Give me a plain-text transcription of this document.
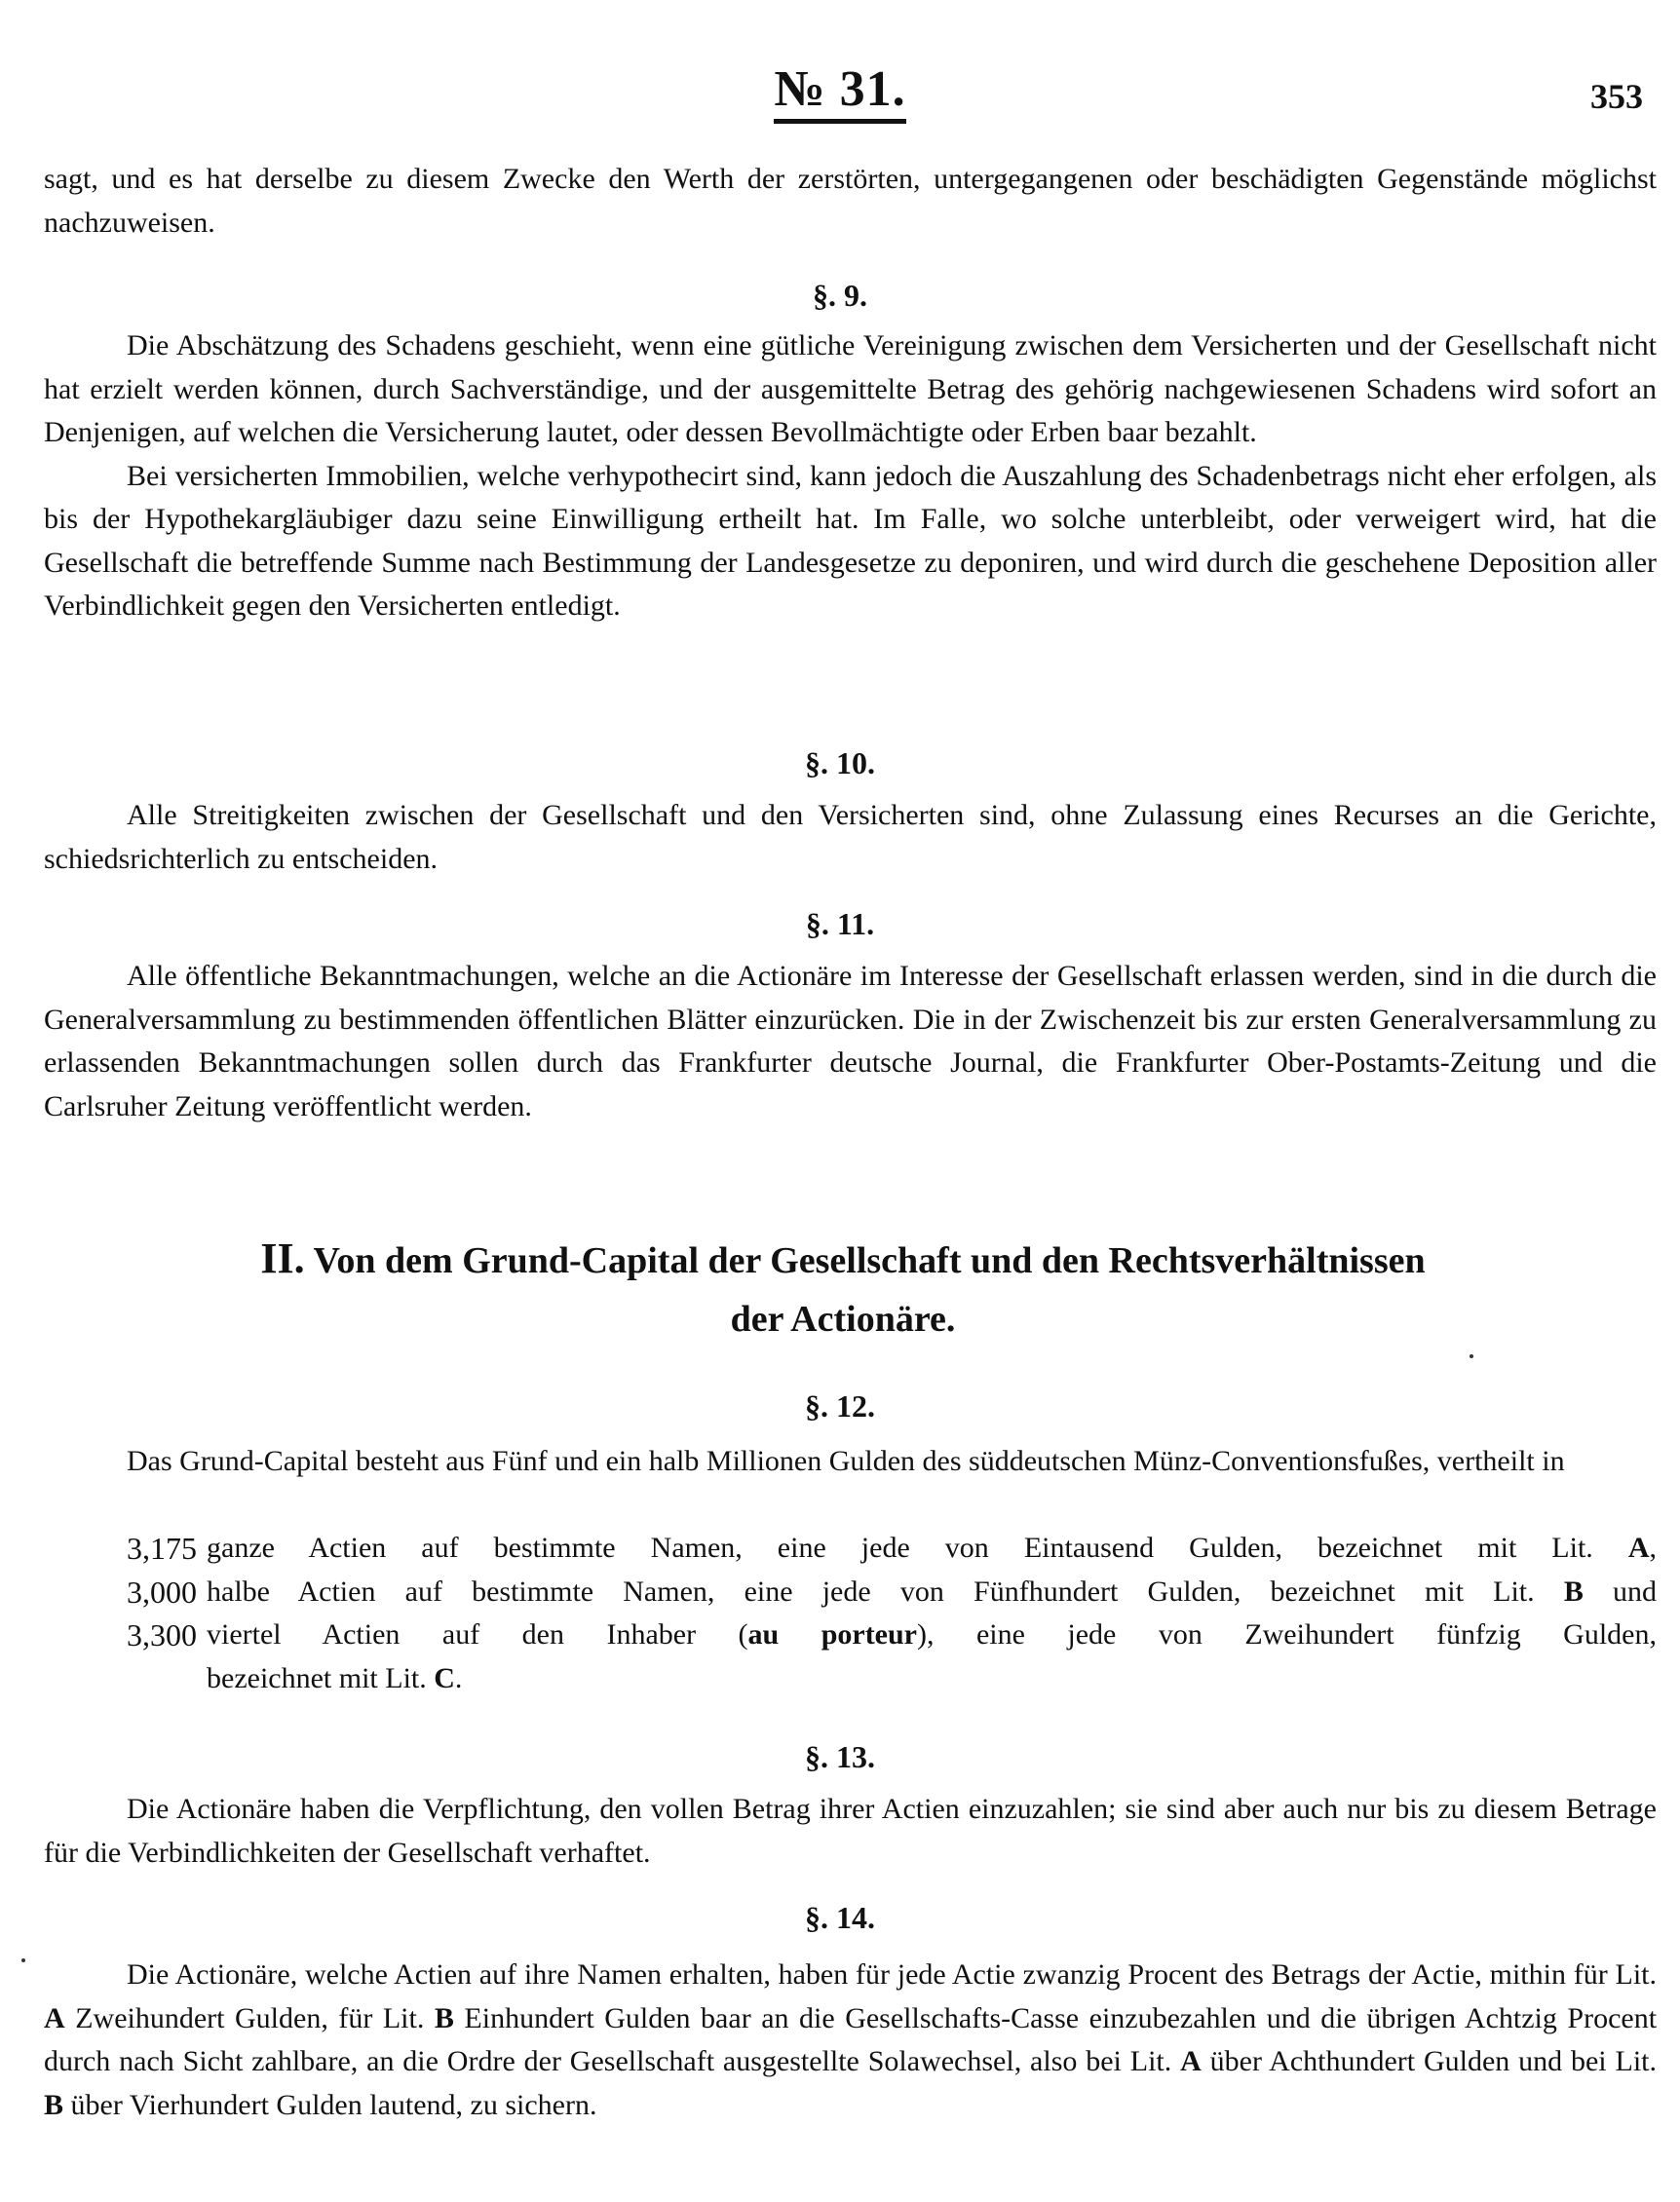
№ 31.	353

sagt, und es hat derselbe zu diesem Zwecke den Werth der zerstörten, untergegangenen oder beschädigten Gegenstände möglichst nachzuweisen.

§. 9.

Die Abschätzung des Schadens geschieht, wenn eine gütliche Vereinigung zwischen dem Versicherten und der Gesellschaft nicht hat erzielt werden können, durch Sachverständige, und der ausgemittelte Betrag des gehörig nachgewiesenen Schadens wird sofort an Denjenigen, auf welchen die Versicherung lautet, oder dessen Bevollmächtigte oder Erben baar bezahlt.

Bei versicherten Immobilien, welche verhypothecirt sind, kann jedoch die Auszahlung des Schadenbetrags nicht eher erfolgen, als bis der Hypothekargläubiger dazu seine Einwilligung ertheilt hat. Im Falle, wo solche unterbleibt, oder verweigert wird, hat die Gesellschaft die betreffende Summe nach Bestimmung der Landesgesetze zu deponiren, und wird durch die geschehene Deposition aller Verbindlichkeit gegen den Versicherten entledigt.

§. 10.

Alle Streitigkeiten zwischen der Gesellschaft und den Versicherten sind, ohne Zulassung eines Recurses an die Gerichte, schiedsrichterlich zu entscheiden.

§. 11.

Alle öffentliche Bekanntmachungen, welche an die Actionäre im Interesse der Gesellschaft erlassen werden, sind in die durch die Generalversammlung zu bestimmenden öffentlichen Blätter einzurücken. Die in der Zwischenzeit bis zur ersten Generalversammlung zu erlassenden Bekanntmachungen sollen durch das Frankfurter deutsche Journal, die Frankfurter Ober-Postamts-Zeitung und die Carlsruher Zeitung veröffentlicht werden.

II. Von dem Grund-Capital der Gesellschaft und den Rechtsverhältnissen
der Actionäre.
§. 12.

Das Grund-Capital besteht aus Fünf und ein halb Millionen Gulden des süddeutschen Münz-Conventionsfußes, vertheilt in

3,175 ganze Actien auf bestimmte Namen, eine jede von Eintausend Gulden, bezeichnet mit Lit. A,
3,000 halbe Actien auf bestimmte Namen, eine jede von Fünfhundert Gulden, bezeichnet mit Lit. B und
3,300 viertel Actien auf den Inhaber (au porteur), eine jede von Zweihundert fünfzig Gulden,
bezeichnet mit Lit. C.
§. 13.

Die Actionäre haben die Verpflichtung, den vollen Betrag ihrer Actien einzuzahlen; sie sind aber auch nur bis zu diesem Betrage für die Verbindlichkeiten der Gesellschaft verhaftet.

§. 14.

Die Actionäre, welche Actien auf ihre Namen erhalten, haben für jede Actie zwanzig Procent des Betrags der Actie, mithin für Lit. A Zweihundert Gulden, für Lit. B Einhundert Gulden baar an die Gesellschafts-Casse einzubezahlen und die übrigen Achtzig Procent durch nach Sicht zahlbare, an die Ordre der Gesellschaft ausgestellte Solawechsel, also bei Lit. A über Achthundert Gulden und bei Lit. B über Vierhundert Gulden lautend, zu sichern.
